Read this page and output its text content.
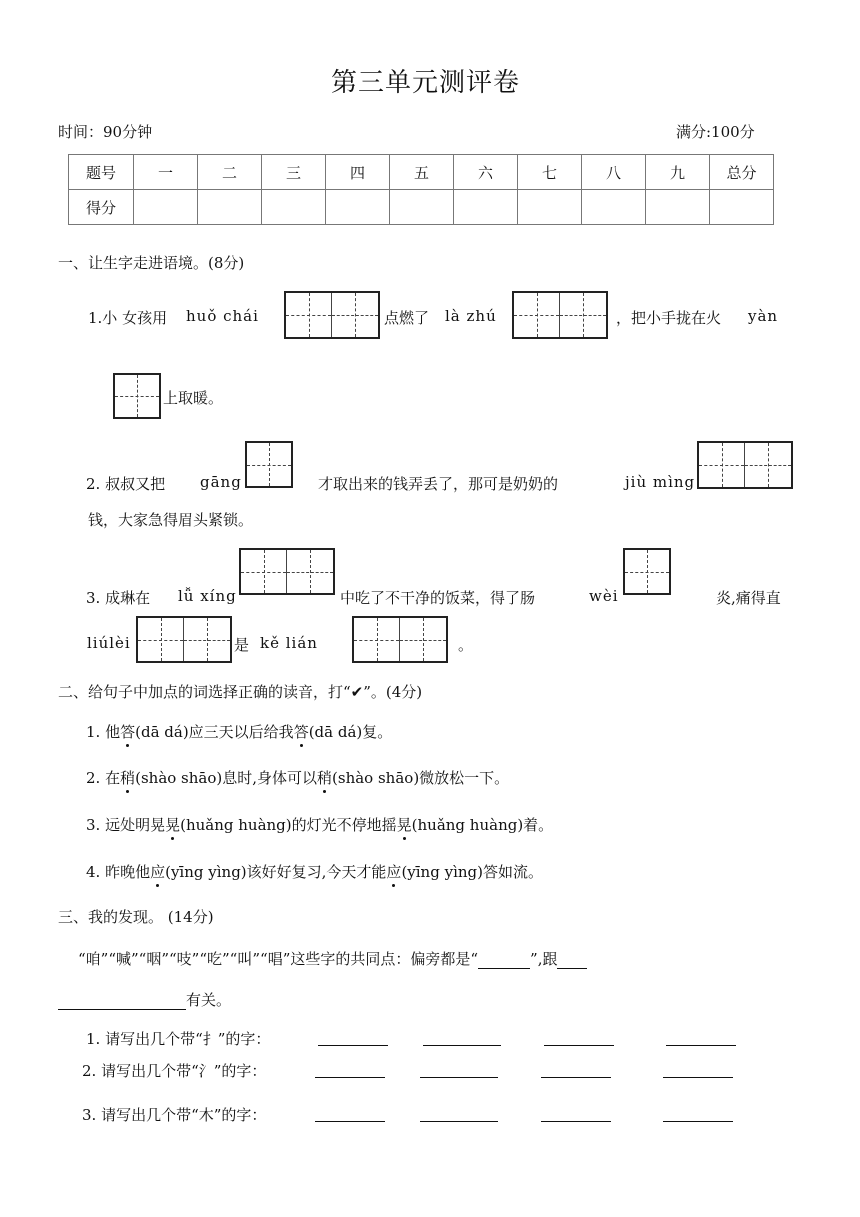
第三单元测评卷
时间：90分钟	满分:100分
题号	一	二	三	四	五	六	七	八	九	总分
得分										
一、让生字走进语境。(8分)
1.小 女孩用 huǒ chái	点燃了 là zhú	，把小手拢在火 yàn
上取暖。
2. 叔叔又把 gāng	才取出来的钱弄丢了，那可是奶奶的	jiù mìng
钱，大家急得眉头紧锁。
3. 成琳在 lǚ xíng	中吃了不干净的饭菜，得了肠	wèi	炎,痛得直
liúlèi	是 kě lián	。
二、给句子中加点的词选择正确的读音，打“✔”。(4分)
1. 他答(dā dá)应三天以后给我答(dā dá)复。
2. 在稍(shào shāo)息时,身体可以稍(shào shāo)微放松一下。
3. 远处明晃晃(huǎng huàng)的灯光不停地摇晃(huǎng huàng)着。
4. 昨晚他应(yīng yìng)该好好复习,今天才能应(yīng yìng)答如流。
三、我的发现。 (14分)
“咱”“喊”“咽”“吱”“吃”“叫”“唱”这些字的共同点：偏旁都是“	”,跟
有关。
1. 请写出几个带“扌”的字：
2. 请写出几个带“氵”的字：
3. 请写出几个带“木”的字：
